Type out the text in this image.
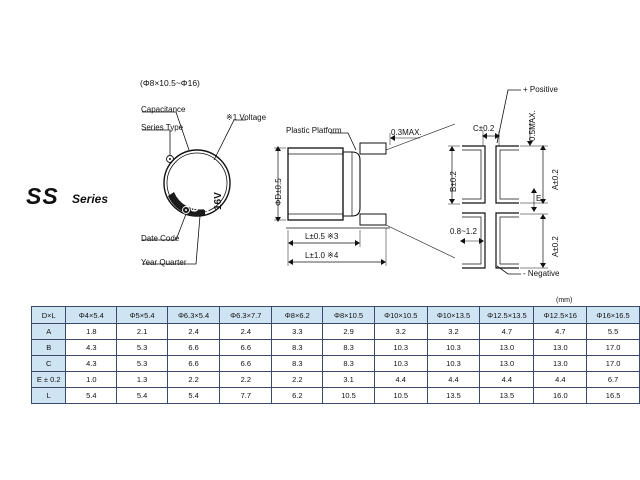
SS Series
(Φ8×10.5~Φ16)
Capacitance
Series Type
※1 Voltage
Date Code
Year Quarter
Plastic Platform
+ Positive
- Negative
670 470 16V	ΦD±0.5
L±0.5 ※3
L±1.0 ※4
0.3MAX.	C±0.2
B±0.2	A±0.2
A±0.2
E
0.5MAX.
0.8~1.2
(mm)
D×L	Φ4×5.4	Φ5×5.4	Φ6.3×5.4	Φ6.3×7.7	Φ8×6.2	Φ8×10.5	Φ10×10.5	Φ10×13.5	Φ12.5×13.5	Φ12.5×16	Φ16×16.5
A	1.8	2.1	2.4	2.4	3.3	2.9	3.2	3.2	4.7	4.7	5.5
B	4.3	5.3	6.6	6.6	8.3	8.3	10.3	10.3	13.0	13.0	17.0
C	4.3	5.3	6.6	6.6	8.3	8.3	10.3	10.3	13.0	13.0	17.0
E ± 0.2	1.0	1.3	2.2	2.2	2.2	3.1	4.4	4.4	4.4	4.4	6.7
L	5.4	5.4	5.4	7.7	6.2	10.5	10.5	13.5	13.5	16.0	16.5
